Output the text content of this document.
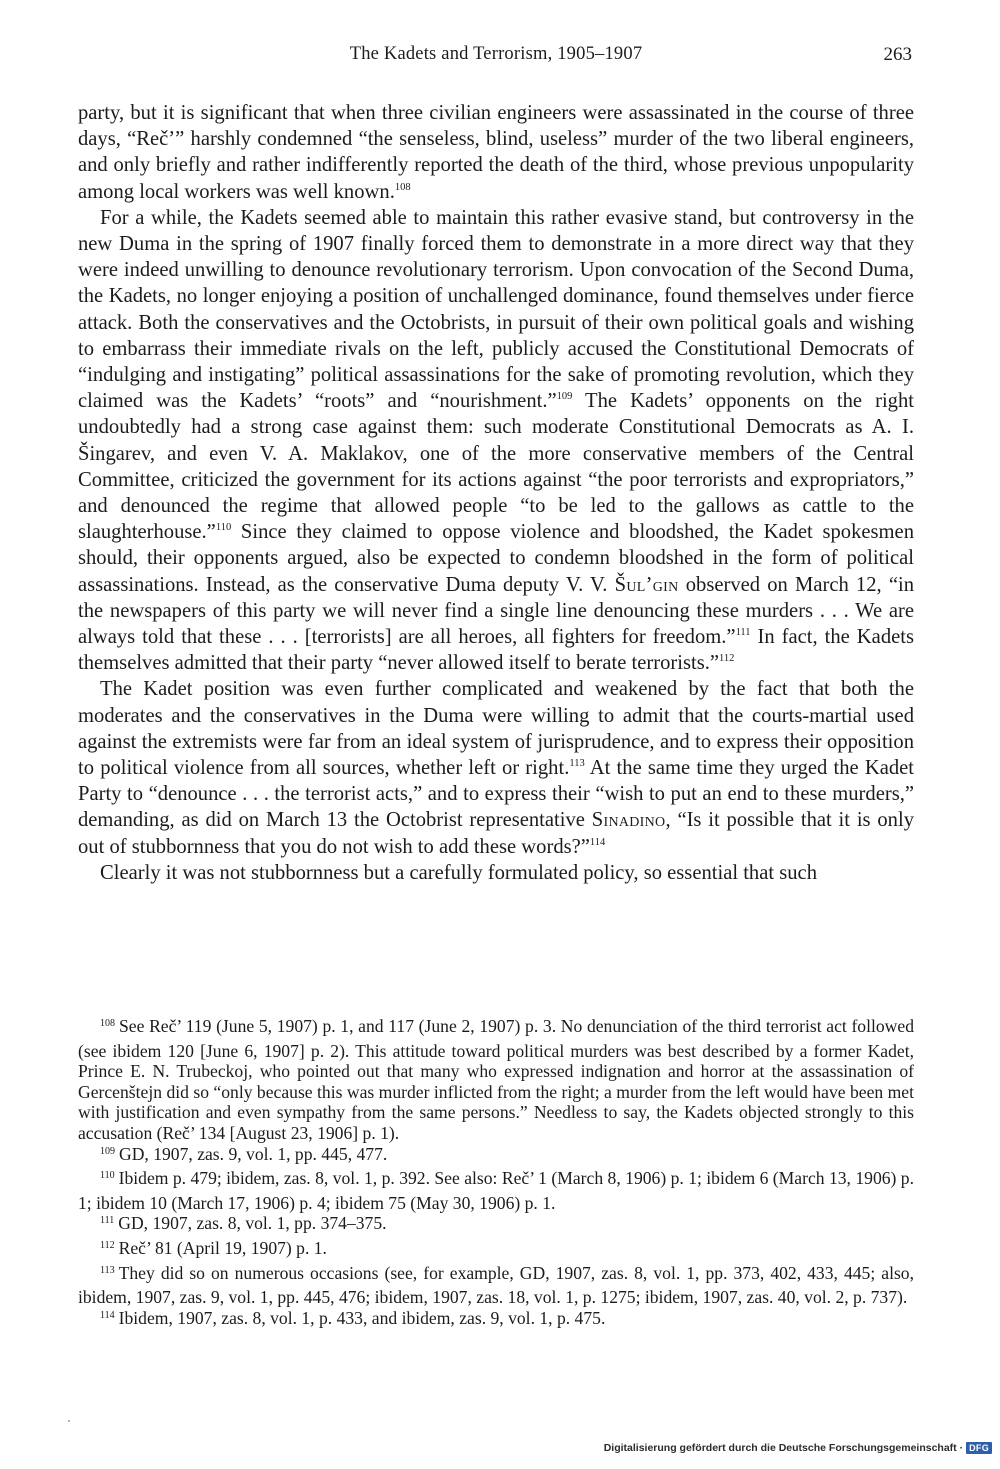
The Kadets and Terrorism, 1905–1907	263

party, but it is significant that when three civilian engineers were assassinated in the course of three days, “Reč’” harshly condemned “the senseless, blind, useless” murder of the two liberal engineers, and only briefly and rather indifferently reported the death of the third, whose previous unpopularity among local workers was well known.$^{108}$

For a while, the Kadets seemed able to maintain this rather evasive stand, but controversy in the new Duma in the spring of 1907 finally forced them to demonstrate in a more direct way that they were indeed unwilling to denounce revolutionary terrorism. Upon convocation of the Second Duma, the Kadets, no longer enjoying a position of unchallenged dominance, found themselves under fierce attack. Both the conservatives and the Octobrists, in pursuit of their own political goals and wishing to embarrass their immediate rivals on the left, publicly accused the Constitutional Democrats of “indulging and instigating” political assassinations for the sake of promoting revolution, which they claimed was the Kadets’ “roots” and “nourishment.”$^{109}$ The Kadets’ opponents on the right undoubtedly had a strong case against them: such moderate Constitutional Democrats as A. I. Šingarev, and even V. A. Maklakov, one of the more conservative members of the Central Committee, criticized the government for its actions against “the poor terrorists and expropriators,” and denounced the regime that allowed people “to be led to the gallows as cattle to the slaughterhouse.”$^{110}$ Since they claimed to oppose violence and bloodshed, the Kadet spokesmen should, their opponents argued, also be expected to condemn bloodshed in the form of political assassinations. Instead, as the conservative Duma deputy V. V. Šul’gin observed on March 12, “in the newspapers of this party we will never find a single line denouncing these murders . . . We are always told that these . . . [terrorists] are all heroes, all fighters for freedom.”$^{111}$ In fact, the Kadets themselves admitted that their party “never allowed itself to berate terrorists.”$^{112}$

The Kadet position was even further complicated and weakened by the fact that both the moderates and the conservatives in the Duma were willing to admit that the courts-martial used against the extremists were far from an ideal system of jurisprudence, and to express their opposition to political violence from all sources, whether left or right.$^{113}$ At the same time they urged the Kadet Party to “denounce . . . the terrorist acts,” and to express their “wish to put an end to these murders,” demanding, as did on March 13 the Octobrist representative Sinadino, “Is it possible that it is only out of stubbornness that you do not wish to add these words?”$^{114}$

Clearly it was not stubbornness but a carefully formulated policy, so essential that such

$^{108}$ See Reč’ 119 (June 5, 1907) p. 1, and 117 (June 2, 1907) p. 3. No denunciation of the third terrorist act followed (see ibidem 120 [June 6, 1907] p. 2). This attitude toward political murders was best described by a former Kadet, Prince E. N. Trubeckoj, who pointed out that many who expressed indignation and horror at the assassination of Gercenštejn did so “only because this was murder inflicted from the right; a murder from the left would have been met with justification and even sympathy from the same persons.” Needless to say, the Kadets objected strongly to this accusation (Reč’ 134 [August 23, 1906] p. 1).

$^{109}$ GD, 1907, zas. 9, vol. 1, pp. 445, 477.

$^{110}$ Ibidem p. 479; ibidem, zas. 8, vol. 1, p. 392. See also: Reč’ 1 (March 8, 1906) p. 1; ibidem 6 (March 13, 1906) p. 1; ibidem 10 (March 17, 1906) p. 4; ibidem 75 (May 30, 1906) p. 1.

$^{111}$ GD, 1907, zas. 8, vol. 1, pp. 374–375.

$^{112}$ Reč’ 81 (April 19, 1907) p. 1.

$^{113}$ They did so on numerous occasions (see, for example, GD, 1907, zas. 8, vol. 1, pp. 373, 402, 433, 445; also, ibidem, 1907, zas. 9, vol. 1, pp. 445, 476; ibidem, 1907, zas. 18, vol. 1, p. 1275; ibidem, 1907, zas. 40, vol. 2, p. 737).

$^{114}$ Ibidem, 1907, zas. 8, vol. 1, p. 433, and ibidem, zas. 9, vol. 1, p. 475.

Digitalisierung gefördert durch die Deutsche Forschungsgemeinschaft · DFG
